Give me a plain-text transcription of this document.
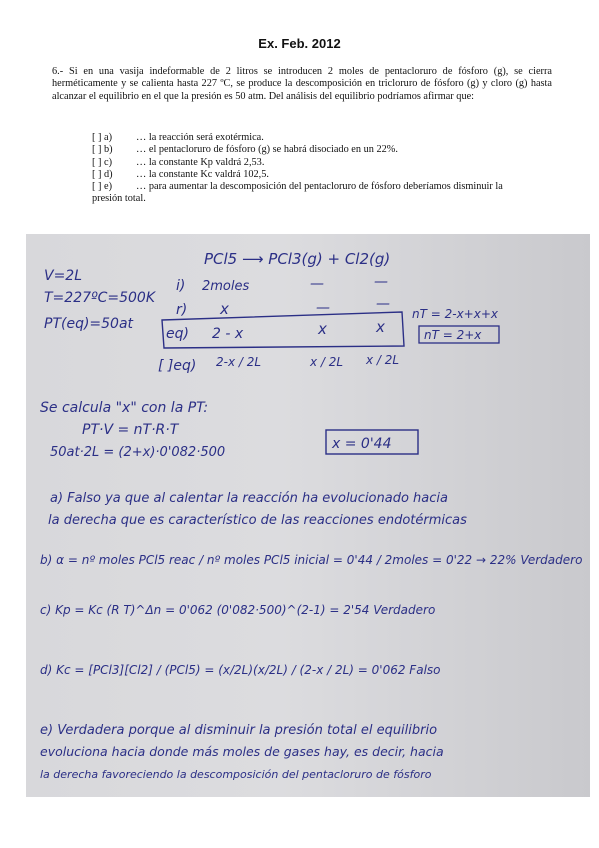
Ex. Feb. 2012
6.- Si en una vasija indeformable de 2 litros se introducen 2 moles de pentacloruro de fósforo (g), se cierra herméticamente y se calienta hasta 227 ºC, se produce la descomposición en tricloruro de fósforo (g) y cloro (g) hasta alcanzar el equilibrio en el que la presión es 50 atm. Del análisis del equilibrio podríamos afirmar que:
[ ] a)	… la reacción será exotérmica.
[ ] b)	… el pentacloruro de fósforo (g) se habrá disociado en un 22%.
[ ] c)	… la constante Kp valdrá 2,53.
[ ] d)	… la constante Kc valdrá 102,5.
[ ] e)	… para aumentar la descomposición del pentacloruro de fósforo deberíamos disminuir la
presión total.
PCl5 ⟶ PCl3(g) + Cl2(g)
V=2L
T=227ºC=500K
PT(eq)=50at
i) 2moles	—	—
r) x	—	—
eq) 2 - x	x	x
nT = 2-x+x+x
nT = 2+x
[ ]eq) 2-x / 2L	x / 2L x / 2L
Se calcula "x" con la PT:
PT·V = nT·R·T
50at·2L = (2+x)·0'082·500
x = 0'44
a) Falso ya que al calentar la reacción ha evolucionado hacia
la derecha que es característico de las reacciones endotérmicas
b) α = nº moles PCl5 reac / nº moles PCl5 inicial = 0'44 / 2moles = 0'22 → 22% Verdadero
c) Kp = Kc (R T)^Δn = 0'062 (0'082·500)^(2-1) = 2'54 Verdadero
d) Kc = [PCl3][Cl2] / (PCl5) = (x/2L)(x/2L) / (2-x / 2L) = 0'062 Falso
e) Verdadera porque al disminuir la presión total el equilibrio
evoluciona hacia donde más moles de gases hay, es decir, hacia
la derecha favoreciendo la descomposición del pentacloruro de fósforo
